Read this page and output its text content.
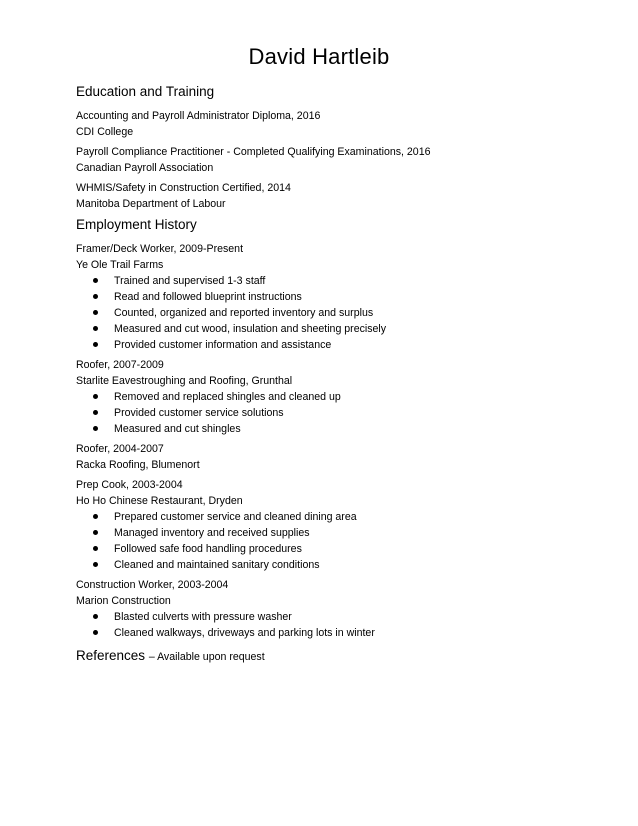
David Hartleib
Education and Training
Accounting and Payroll Administrator Diploma, 2016
CDI College
Payroll Compliance Practitioner - Completed Qualifying Examinations, 2016
Canadian Payroll Association
WHMIS/Safety in Construction Certified, 2014
Manitoba Department of Labour
Employment History
Framer/Deck Worker, 2009-Present
Ye Ole Trail Farms
Trained and supervised 1-3 staff
Read and followed blueprint instructions
Counted, organized and reported inventory and surplus
Measured and cut wood, insulation and sheeting precisely
Provided customer information and assistance
Roofer, 2007-2009
Starlite Eavestroughing and Roofing, Grunthal
Removed and replaced shingles and cleaned up
Provided customer service solutions
Measured and cut shingles
Roofer, 2004-2007
Racka Roofing, Blumenort
Prep Cook, 2003-2004
Ho Ho Chinese Restaurant, Dryden
Prepared customer service and cleaned dining area
Managed inventory and received supplies
Followed safe food handling procedures
Cleaned and maintained sanitary conditions
Construction Worker, 2003-2004
Marion Construction
Blasted culverts with pressure washer
Cleaned walkways, driveways and parking lots in winter
References – Available upon request
